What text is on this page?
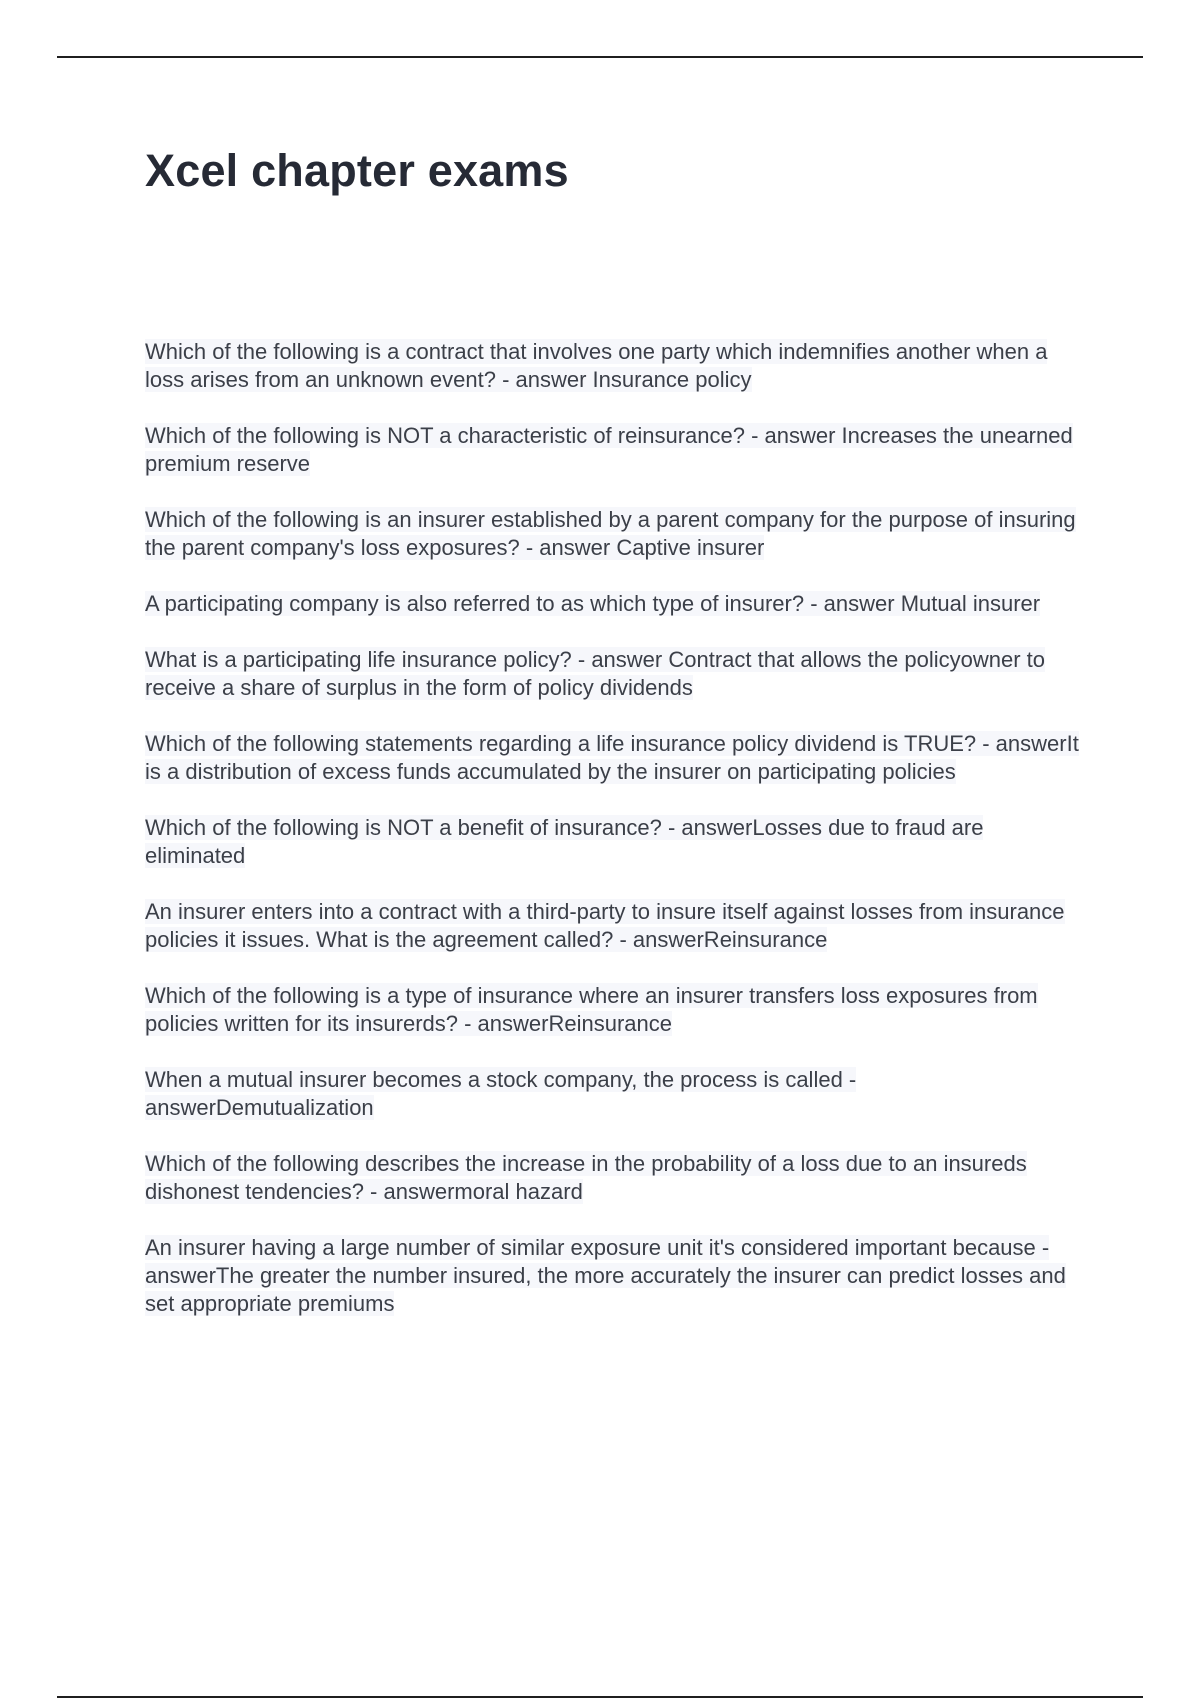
Xcel chapter exams
Which of the following is a contract that involves one party which indemnifies another when a loss arises from an unknown event? - answer Insurance policy
Which of the following is NOT a characteristic of reinsurance? - answer Increases the unearned premium reserve
Which of the following is an insurer established by a parent company for the purpose of insuring the parent company's loss exposures? - answer Captive insurer
A participating company is also referred to as which type of insurer? - answer Mutual insurer
What is a participating life insurance policy? - answer Contract that allows the policyowner to receive a share of surplus in the form of policy dividends
Which of the following statements regarding a life insurance policy dividend is TRUE? - answerIt is a distribution of excess funds accumulated by the insurer on participating policies
Which of the following is NOT a benefit of insurance? - answerLosses due to fraud are eliminated
An insurer enters into a contract with a third-party to insure itself against losses from insurance policies it issues. What is the agreement called? - answerReinsurance
Which of the following is a type of insurance where an insurer transfers loss exposures from policies written for its insurerds? - answerReinsurance
When a mutual insurer becomes a stock company, the process is called - answerDemutualization
Which of the following describes the increase in the probability of a loss due to an insureds dishonest tendencies? - answermoral hazard
An insurer having a large number of similar exposure unit it's considered important because - answerThe greater the number insured, the more accurately the insurer can predict losses and set appropriate premiums
